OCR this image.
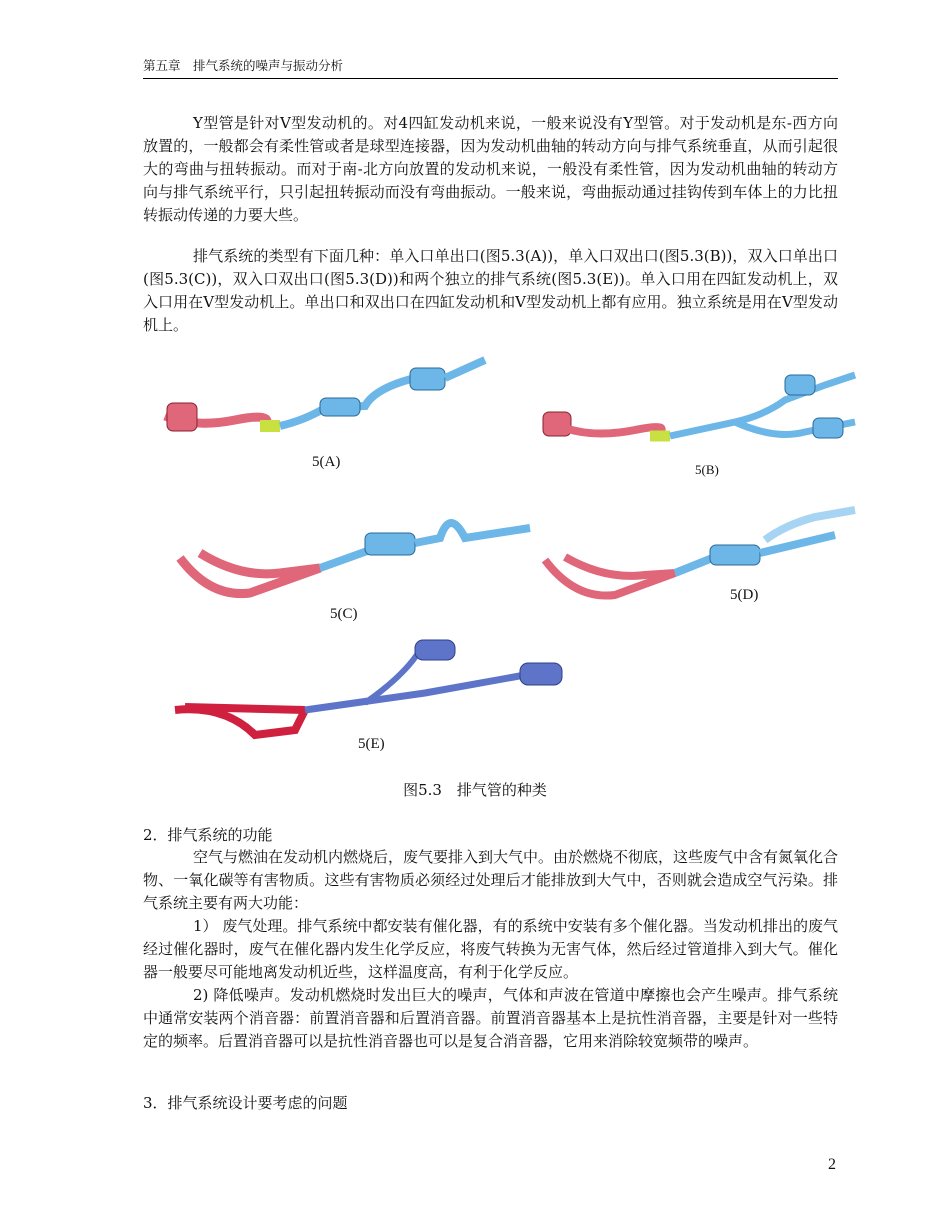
第五章　排气系统的噪声与振动分析
Y型管是针对V型发动机的。对4四缸发动机来说，一般来说没有Y型管。对于发动机是东-西方向放置的，一般都会有柔性管或者是球型连接器，因为发动机曲轴的转动方向与排气系统垂直，从而引起很大的弯曲与扭转振动。而对于南-北方向放置的发动机来说，一般没有柔性管，因为发动机曲轴的转动方向与排气系统平行，只引起扭转振动而没有弯曲振动。一般来说，弯曲振动通过挂钩传到车体上的力比扭转振动传递的力要大些。
排气系统的类型有下面几种：单入口单出口(图5.3(A))，单入口双出口(图5.3(B))，双入口单出口(图5.3(C))，双入口双出口(图5.3(D))和两个独立的排气系统(图5.3(E))。单入口用在四缸发动机上，双入口用在V型发动机上。单出口和双出口在四缸发动机和V型发动机上都有应用。独立系统是用在V型发动机上。
5(A)	5(B)
5(C)
5(D)
5(E)
图5.3　排气管的种类
2．排气系统的功能
空气与燃油在发动机内燃烧后，废气要排入到大气中。由於燃烧不彻底，这些废气中含有氮氧化合物、一氧化碳等有害物质。这些有害物质必须经过处理后才能排放到大气中，否则就会造成空气污染。排气系统主要有两大功能：
1） 废气处理。排气系统中都安装有催化器，有的系统中安装有多个催化器。当发动机排出的废气经过催化器时，废气在催化器内发生化学反应，将废气转换为无害气体，然后经过管道排入到大气。催化器一般要尽可能地离发动机近些，这样温度高，有利于化学反应。
2) 降低噪声。发动机燃烧时发出巨大的噪声，气体和声波在管道中摩擦也会产生噪声。排气系统中通常安装两个消音器：前置消音器和后置消音器。前置消音器基本上是抗性消音器，主要是针对一些特定的频率。后置消音器可以是抗性消音器也可以是复合消音器，它用来消除较宽频带的噪声。
3．排气系统设计要考虑的问题
2
